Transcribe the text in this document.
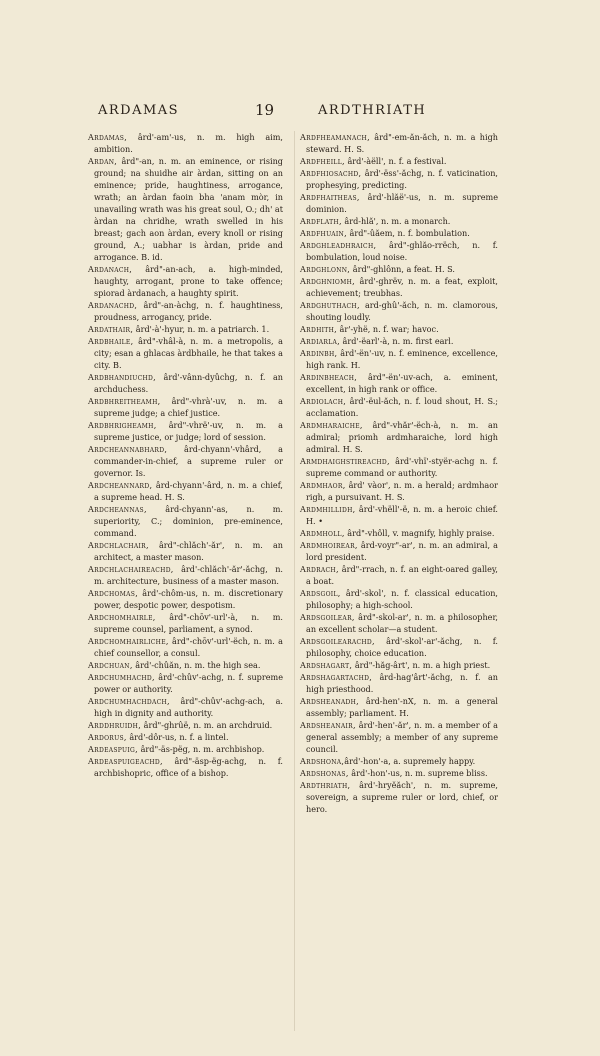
ARDAMAS	19	ARDTHRIATH

Ardamas, ârd'-am'-us, n. m. high aim, ambition.

Ardan, ârd"-an, n. m. an eminence, or rising ground; na shuidhe air àrdan, sitting on an eminence; pride, haughtiness, arrogance, wrath; an àrdan faoin bha 'anam mòr, in unavailing wrath was his great soul, O.; dh' at àrdan na chridhe, wrath swelled in his breast; gach aon àrdan, every knoll or rising ground, A.; uabhar is àrdan, pride and arrogance. B. id.

Ardanach, ârd"-an-ach, a. high-minded, haughty, arrogant, prone to take offence; spiorad àrdanach, a haughty spirit.

Ardanachd, ârd"-an-àchg, n. f. haughtiness, proudness, arrogancy, pride.

Ardathair, ârd'-à'-hyur, n. m. a patriarch. 1.

Ardbhaile, ârd"-vhâl-à, n. m. a metropolis, a city; esan a ghlacas àrdbhaile, he that takes a city. B.

Ardbhandiuchd, ârd'-vânn-dyûchg, n. f. an archduchess.

Ardbhreitheamh, ârd"-vhrà'-uv, n. m. a supreme judge; a chief justice.

Ardbhrigheamh, ârd"-vhrë'-uv, n. m. a supreme justice, or judge; lord of session.

Ardcheannabhard, ârd-chyann'-vhârd, a commander-in-chief, a supreme ruler or governor. Is.

Ardcheannard, ârd-chyann'-ârd, n. m. a chief, a supreme head. H. S.

Ardcheannas, ârd-chyann'-as, n. m. superiority, C.; dominion, pre-eminence, command.

Ardchlachair, ârd"-chlăch'-ăr', n. m. an architect, a master mason.

Ardchlachaireachd, ârd'-chlăch'-ăr'-ăchg, n. m. architecture, business of a master mason.

Ardchomas, ârd'-chôm-us, n. m. discretionary power, despotic power, despotism.

Ardchomhairle, ârd"-chōv'-url'-à, n. m. supreme counsel, parliament, a synod.

Ardchomhairliche, ârd"-chōv'-url'-ëch, n. m. a chief counsellor, a consul.

Ardchuan, ârd'-chûăn, n. m. the high sea.

Ardchumhachd, ârd'-chûv'-achg, n. f. supreme power or authority.

Ardchumhachdach, ârd"-chûv'-achg-ach, a. high in dignity and authority.

Arddhruidh, ârd"-ghrûë, n. m. an archdruid.

Ardorus, ârd'-dôr-us, n. f. a lintel.

Ardeaspuig, ârd"-äs-pëg, n. m. archbishop.

Ardeaspuigeachd, ârd"-äsp-ëg-achg, n. f. archbishopric, office of a bishop.

Ardfheamanach, ârd"-em-ăn-ăch, n. m. a high steward. H. S.

Ardfheill, ârd'-àëll', n. f. a festival.

Ardfhiosachd, ârd'-ëss'-ăchg, n. f. vaticination, prophesying, predicting.

Ardfhaitheas, ârd'-hlăë'-us, n. m. supreme dominion.

Ardflath, ârd-hlă', n. m. a monarch.

Ardfhuain, ârd"-ûăem, n. f. bombulation.

Ardghleadhraich, ârd"-ghlăo-rrëch, n. f. bombulation, loud noise.

Ardghlonn, ârd"-ghlônn, a feat. H. S.

Ardghniomh, ârd'-ghrëv, n. m. a feat, exploit, achievement; treubhas.

Ardghuthach, ard-ghû'-ăch, n. m. clamorous, shouting loudly.

Ardhith, âr'-yhë, n. f. war; havoc.

Ardiarla, ârd'-ëarl'-à, n. m. first earl.

Ardinbh, ârd'-ën'-uv, n. f. eminence, excellence, high rank. H.

Ardinbheach, ârd"-ën'-uv-ach, a. eminent, excellent, in high rank or office.

Ardiolach, ârd'-ëul-ăch, n. f. loud shout, H. S.; acclamation.

Ardmharaiche, ârd"-vhăr'-ëch-à, n. m. an admiral; priomh ardmharaiche, lord high admiral. H. S.

Armdhaighstireachd, ârd'-vhï'-styër-achg n. f. supreme command or authority.

Ardmhaor, ârd' vàor', n. m. a herald; ardmhaor righ, a pursuivant. H. S.

Ardmhillidh, ârd'-vhëll'-ë, n. m. a heroic chief. H. •

Ardmholl, ârd"-vhôll, v. magnify, highly praise.

Ardmhoirear, ârd-voyr"-ar', n. m. an admiral, a lord president.

Ardrach, ârd"-rrach, n. f. an eight-oared galley, a boat.

Ardsgoil, ârd'-skol', n. f. classical education, philosophy; a high-school.

Ardsgoilear, ârd"-skol-ar', n. m. a philosopher, an excellent scholar—a student.

Ardsgoilearachd, ârd'-skol'-ar'-ăchg, n. f. philosophy, choice education.

Ardshagart, ârd"-hăg-ârt', n. m. a high priest.

Ardshagartachd, ârd-hag'ârt'-ăchg, n. f. an high priesthood.

Ardsheanadh, ârd-hen'-nX, n. m. a general assembly; parliament. H.

Ardsheanair, ârd'-hen'-ăr', n. m. a member of a general assembly; a member of any supreme council.

Ardshona,ârd'-hon'-a, a. supremely happy.

Ardshonas, ârd'-hon'-us, n. m. supreme bliss.

Ardthriath, ârd'-hryĕăch', n. m. supreme, sovereign, a supreme ruler or lord, chief, or hero.
